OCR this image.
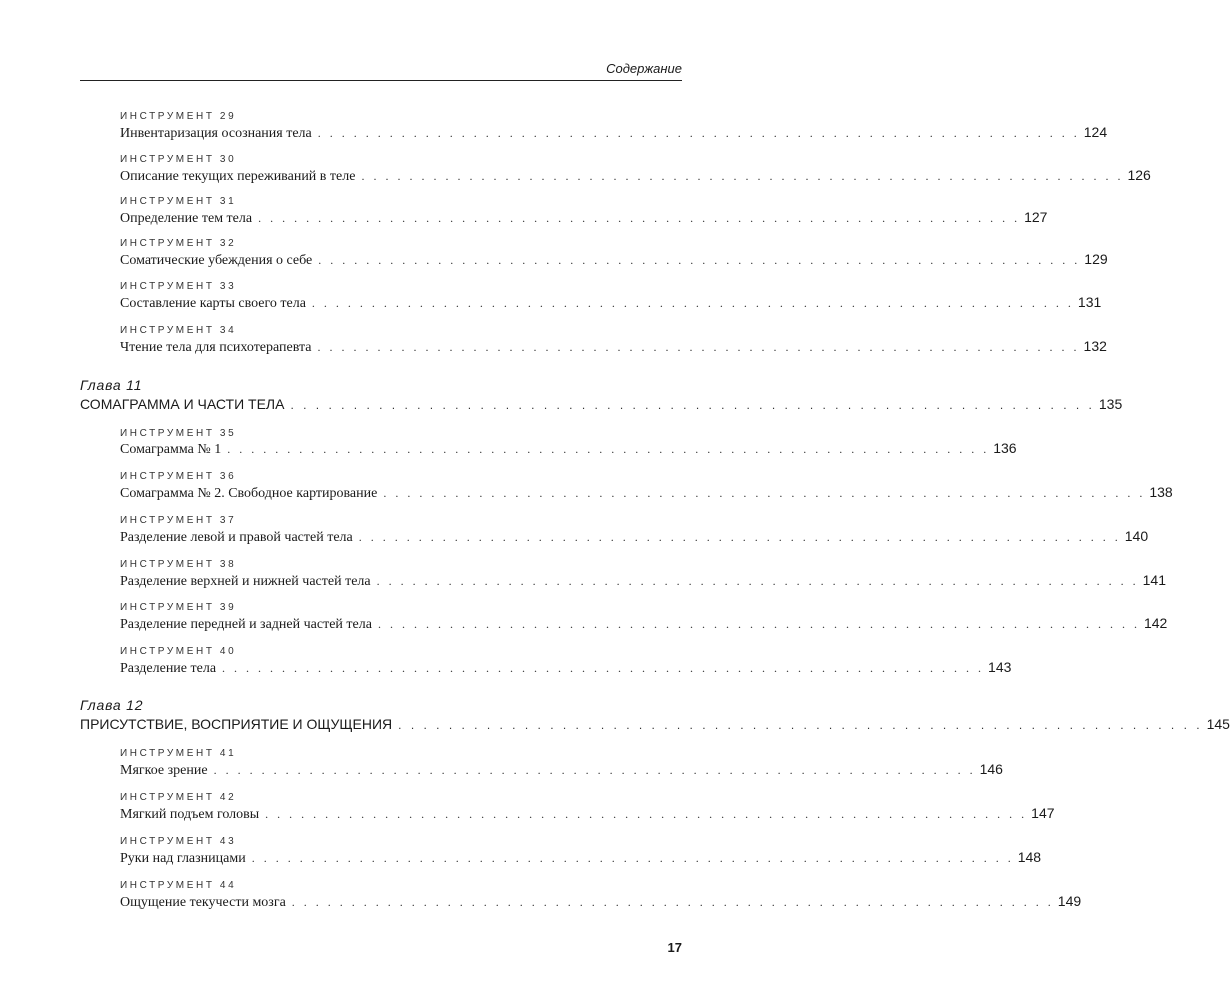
Содержание
ИНСТРУМЕНТ 29
Инвентаризация осознания тела . . . . . . . . . . . . . . . . . . . . . . . . . . . . . . . . . . . . . . . . . . . . . . . . . . . . . . . . . . . . . . . . 124
ИНСТРУМЕНТ 30
Описание текущих переживаний в теле . . . . . . . . . . . . . . . . . . . . . . . . . . . . . . . . . . . . . . . . . . . . . . . . . . . . . . . . . . . . . . . . 126
ИНСТРУМЕНТ 31
Определение тем тела . . . . . . . . . . . . . . . . . . . . . . . . . . . . . . . . . . . . . . . . . . . . . . . . . . . . . . . . . . . . . . . . 127
ИНСТРУМЕНТ 32
Соматические убеждения о себе . . . . . . . . . . . . . . . . . . . . . . . . . . . . . . . . . . . . . . . . . . . . . . . . . . . . . . . . . . . . . . . . 129
ИНСТРУМЕНТ 33
Составление карты своего тела . . . . . . . . . . . . . . . . . . . . . . . . . . . . . . . . . . . . . . . . . . . . . . . . . . . . . . . . . . . . . . . . 131
ИНСТРУМЕНТ 34
Чтение тела для психотерапевта . . . . . . . . . . . . . . . . . . . . . . . . . . . . . . . . . . . . . . . . . . . . . . . . . . . . . . . . . . . . . . . . 132
Глава 11
СОМАГРАММА И ЧАСТИ ТЕЛА . . . . . . . . . . . . . . . . . . . . . . . . . . . . . . . . . . . . . . . . . . . . . . . . . . . . . . . . . . . . . . . . 135
ИНСТРУМЕНТ 35
Сомаграмма № 1 . . . . . . . . . . . . . . . . . . . . . . . . . . . . . . . . . . . . . . . . . . . . . . . . . . . . . . . . . . . . . . . . 136
ИНСТРУМЕНТ 36
Сомаграмма № 2. Свободное картирование . . . . . . . . . . . . . . . . . . . . . . . . . . . . . . . . . . . . . . . . . . . . . . . . . . . . . . . . . . . . . . . . 138
ИНСТРУМЕНТ 37
Разделение левой и правой частей тела . . . . . . . . . . . . . . . . . . . . . . . . . . . . . . . . . . . . . . . . . . . . . . . . . . . . . . . . . . . . . . . . 140
ИНСТРУМЕНТ 38
Разделение верхней и нижней частей тела . . . . . . . . . . . . . . . . . . . . . . . . . . . . . . . . . . . . . . . . . . . . . . . . . . . . . . . . . . . . . . . . 141
ИНСТРУМЕНТ 39
Разделение передней и задней частей тела . . . . . . . . . . . . . . . . . . . . . . . . . . . . . . . . . . . . . . . . . . . . . . . . . . . . . . . . . . . . . . . . 142
ИНСТРУМЕНТ 40
Разделение тела . . . . . . . . . . . . . . . . . . . . . . . . . . . . . . . . . . . . . . . . . . . . . . . . . . . . . . . . . . . . . . . . 143
Глава 12
ПРИСУТСТВИЕ, ВОСПРИЯТИЕ И ОЩУЩЕНИЯ . . . . . . . . . . . . . . . . . . . . . . . . . . . . . . . . . . . . . . . . . . . . . . . . . . . . . . . . . . . . . . . . 145
ИНСТРУМЕНТ 41
Мягкое зрение . . . . . . . . . . . . . . . . . . . . . . . . . . . . . . . . . . . . . . . . . . . . . . . . . . . . . . . . . . . . . . . . 146
ИНСТРУМЕНТ 42
Мягкий подъем головы . . . . . . . . . . . . . . . . . . . . . . . . . . . . . . . . . . . . . . . . . . . . . . . . . . . . . . . . . . . . . . . . 147
ИНСТРУМЕНТ 43
Руки над глазницами . . . . . . . . . . . . . . . . . . . . . . . . . . . . . . . . . . . . . . . . . . . . . . . . . . . . . . . . . . . . . . . . 148
ИНСТРУМЕНТ 44
Ощущение текучести мозга . . . . . . . . . . . . . . . . . . . . . . . . . . . . . . . . . . . . . . . . . . . . . . . . . . . . . . . . . . . . . . . . 149
17
